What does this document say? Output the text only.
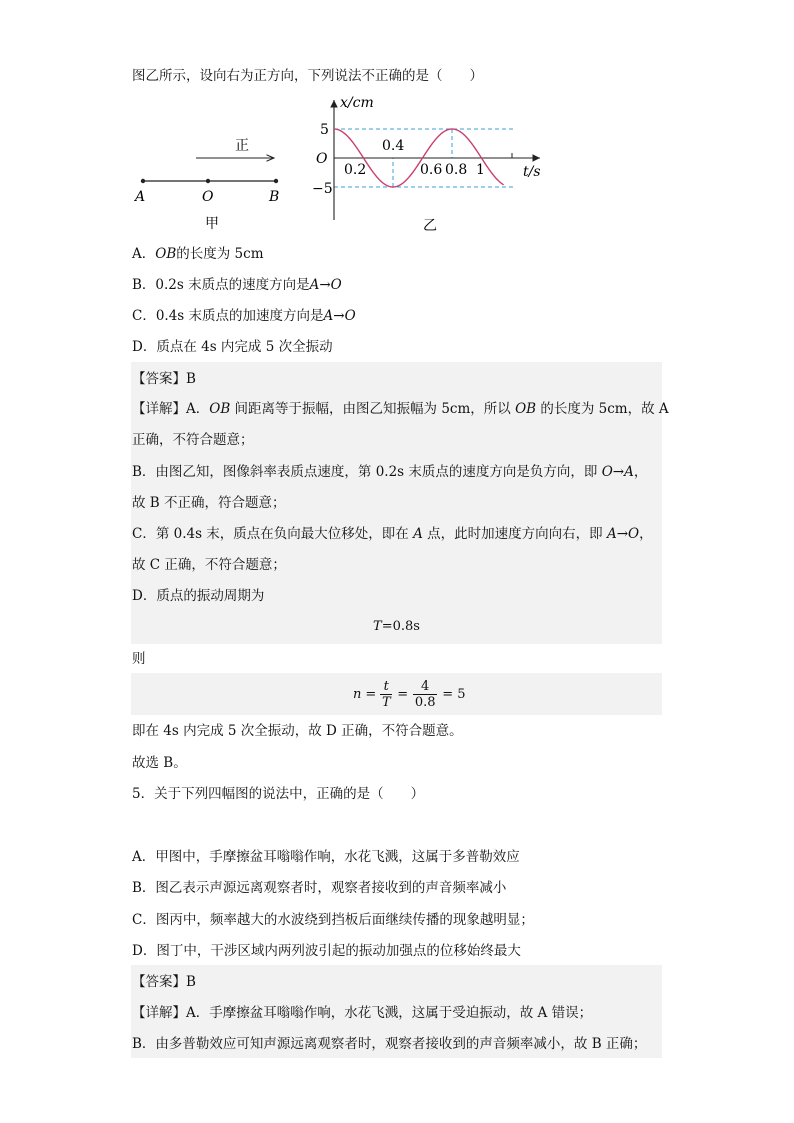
图乙所示，设向右为正方向，下列说法不正确的是（　　）
正
A	O	B
甲
x/cm
t/s
O
5
−5
0.2
0.4
0.6 0.8 1
乙
A．OB的长度为 5cm
B．0.2s 末质点的速度方向是A→O
C．0.4s 末质点的加速度方向是A→O
D．质点在 4s 内完成 5 次全振动
【答案】B
【详解】A．OB 间距离等于振幅，由图乙知振幅为 5cm，所以 OB 的长度为 5cm，故 A
正确，不符合题意；
B．由图乙知，图像斜率表质点速度，第 0.2s 末质点的速度方向是负方向，即 O→A，
故 B 不正确，符合题意；
C．第 0.4s 末，质点在负向最大位移处，即在 A 点，此时加速度方向向右，即 A→O，
故 C 正确，不符合题意；
D．质点的振动周期为
T=0.8s
则
n =
t
T
=
4
0.8
= 5
即在 4s 内完成 5 次全振动，故 D 正确，不符合题意。
故选 B。
5．关于下列四幅图的说法中，正确的是（　　）
A．甲图中，手摩擦盆耳嗡嗡作响，水花飞溅，这属于多普勒效应
B．图乙表示声源远离观察者时，观察者接收到的声音频率减小
C．图丙中，频率越大的水波绕到挡板后面继续传播的现象越明显；
D．图丁中，干涉区域内两列波引起的振动加强点的位移始终最大
【答案】B
【详解】A．手摩擦盆耳嗡嗡作响，水花飞溅，这属于受迫振动，故 A 错误；
B．由多普勒效应可知声源远离观察者时，观察者接收到的声音频率减小，故 B 正确；
